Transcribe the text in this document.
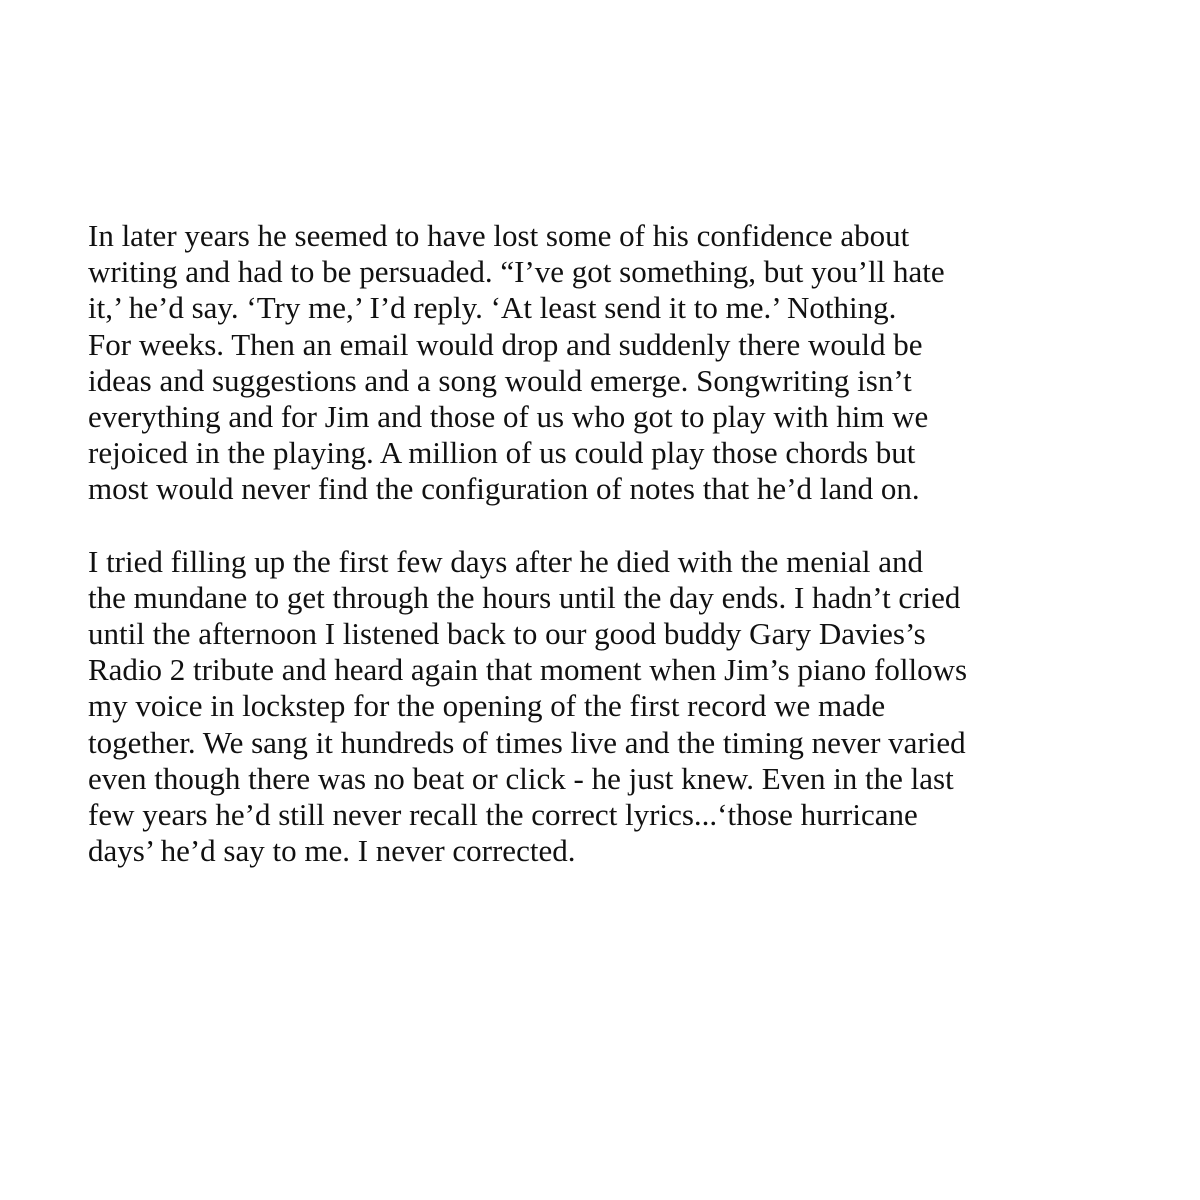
In later years he seemed to have lost some of his confidence about
writing and had to be persuaded. “I’ve got something, but you’ll hate
it,’ he’d say. ‘Try me,’ I’d reply. ‘At least send it to me.’ Nothing.
For weeks. Then an email would drop and suddenly there would be
ideas and suggestions and a song would emerge. Songwriting isn’t
everything and for Jim and those of us who got to play with him we
rejoiced in the playing. A million of us could play those chords but
most would never find the configuration of notes that he’d land on.

I tried filling up the first few days after he died with the menial and
the mundane to get through the hours until the day ends. I hadn’t cried
until the afternoon I listened back to our good buddy Gary Davies’s
Radio 2 tribute and heard again that moment when Jim’s piano follows
my voice in lockstep for the opening of the first record we made
together. We sang it hundreds of times live and the timing never varied
even though there was no beat or click - he just knew. Even in the last
few years he’d still never recall the correct lyrics...‘those hurricane
days’ he’d say to me. I never corrected.
